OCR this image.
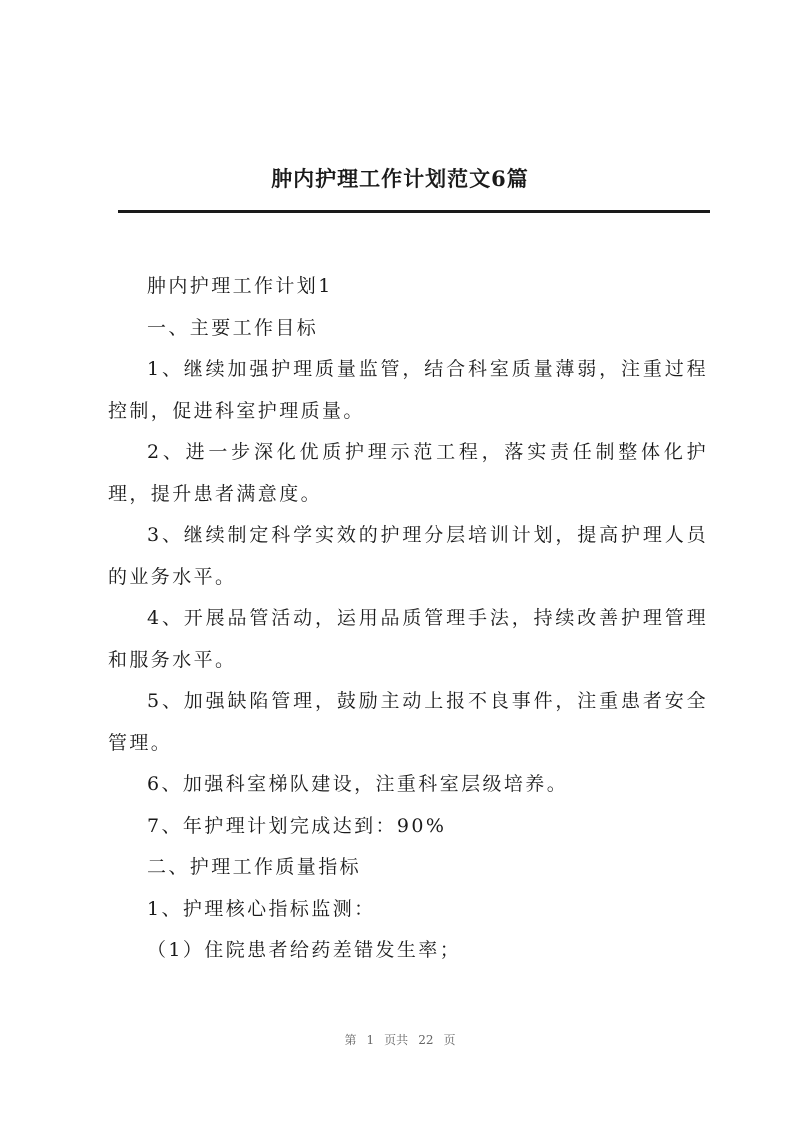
肿内护理工作计划范文6篇

肿内护理工作计划1

一、主要工作目标

1、继续加强护理质量监管，结合科室质量薄弱，注重过程控制，促进科室护理质量。

2、进一步深化优质护理示范工程，落实责任制整体化护理，提升患者满意度。

3、继续制定科学实效的护理分层培训计划，提高护理人员的业务水平。

4、开展品管活动，运用品质管理手法，持续改善护理管理和服务水平。

5、加强缺陷管理，鼓励主动上报不良事件，注重患者安全管理。

6、加强科室梯队建设，注重科室层级培养。

7、年护理计划完成达到：90%

二、护理工作质量指标

1、护理核心指标监测：

（1）住院患者给药差错发生率；

第 1 页共 22 页
